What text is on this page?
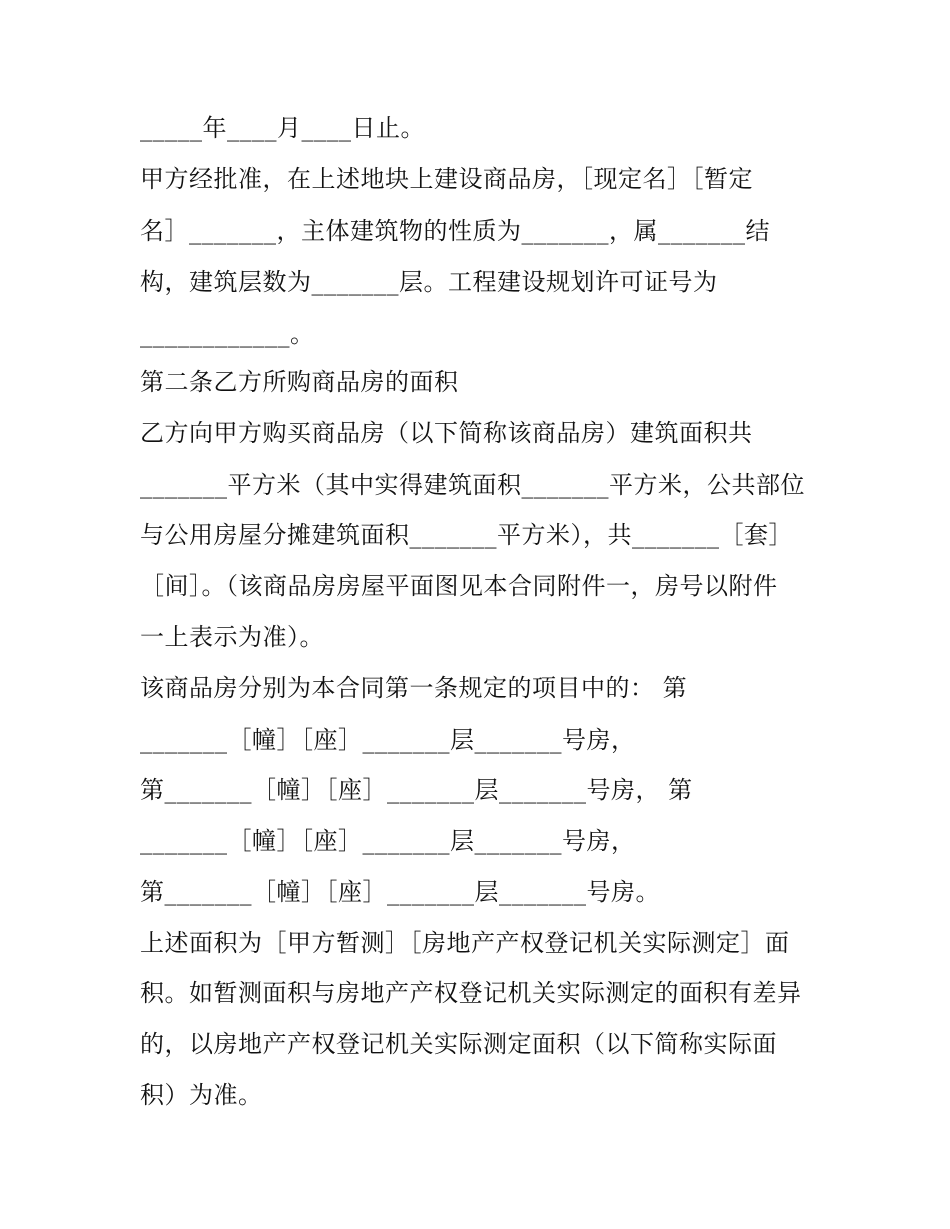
_____年____月____日止。
甲方经批准，在上述地块上建设商品房，［现定名］［暂定
名］_______，主体建筑物的性质为_______，属_______结
构，建筑层数为_______层。工程建设规划许可证号为
____________。
第二条乙方所购商品房的面积
乙方向甲方购买商品房（以下简称该商品房）建筑面积共
_______平方米（其中实得建筑面积_______平方米，公共部位
与公用房屋分摊建筑面积_______平方米），共_______［套］
［间］。（该商品房房屋平面图见本合同附件一，房号以附件
一上表示为准）。
该商品房分别为本合同第一条规定的项目中的： 第
_______［幢］［座］_______层_______号房，
第_______［幢］［座］_______层_______号房， 第
_______［幢］［座］_______层_______号房，
第_______［幢］［座］_______层_______号房。
上述面积为［甲方暂测］［房地产产权登记机关实际测定］面
积。如暂测面积与房地产产权登记机关实际测定的面积有差异
的，以房地产产权登记机关实际测定面积（以下简称实际面
积）为准。
